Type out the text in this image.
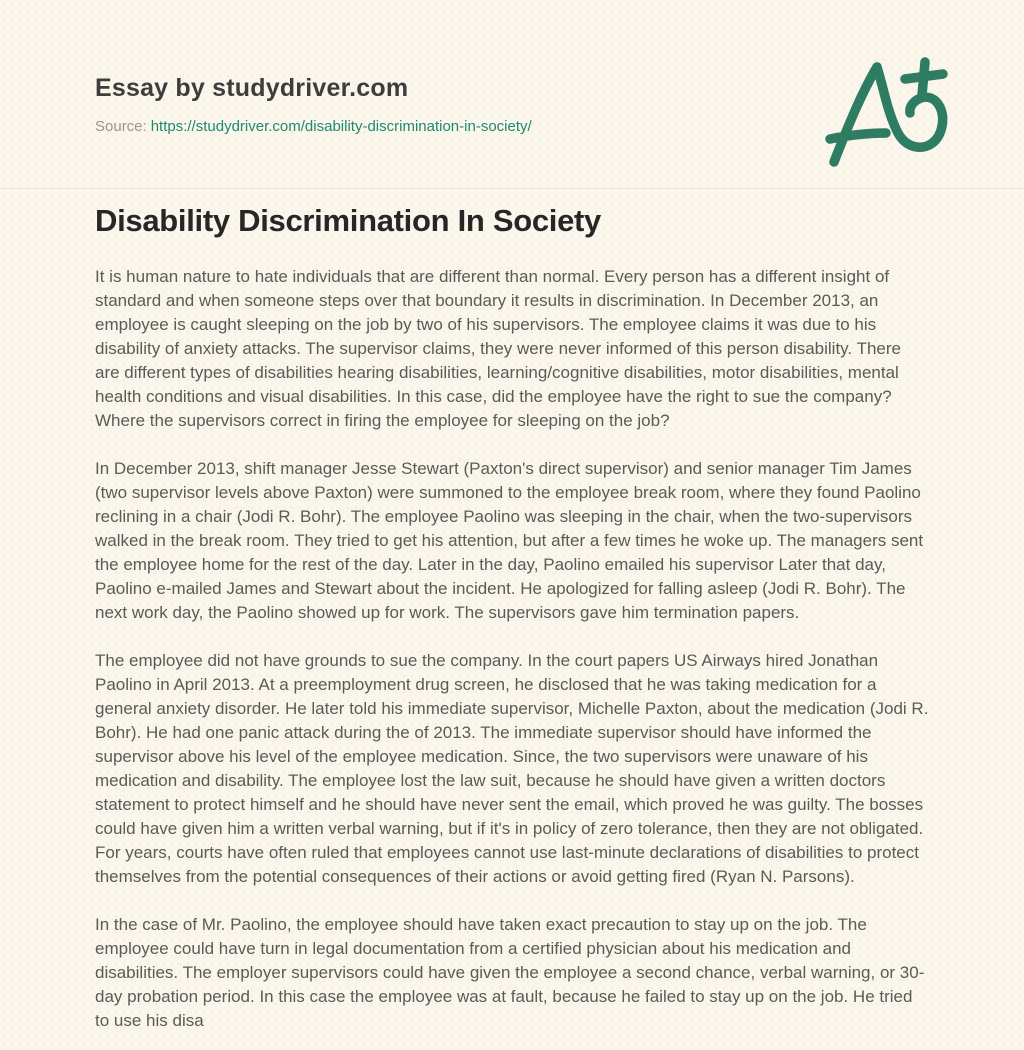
Essay by studydriver.com
Source: https://studydriver.com/disability-discrimination-in-society/
Disability Discrimination In Society

It is human nature to hate individuals that are different than normal. Every person has a different insight of standard and when someone steps over that boundary it results in discrimination. In December 2013, an employee is caught sleeping on the job by two of his supervisors. The employee claims it was due to his disability of anxiety attacks. The supervisor claims, they were never informed of this person disability. There are different types of disabilities hearing disabilities, learning/cognitive disabilities, motor disabilities, mental health conditions and visual disabilities. In this case, did the employee have the right to sue the company? Where the supervisors correct in firing the employee for sleeping on the job?

In December 2013, shift manager Jesse Stewart (Paxton's direct supervisor) and senior manager Tim James (two supervisor levels above Paxton) were summoned to the employee break room, where they found Paolino reclining in a chair (Jodi R. Bohr). The employee Paolino was sleeping in the chair, when the two-supervisors walked in the break room. They tried to get his attention, but after a few times he woke up. The managers sent the employee home for the rest of the day. Later in the day, Paolino emailed his supervisor Later that day, Paolino e-mailed James and Stewart about the incident. He apologized for falling asleep (Jodi R. Bohr). The next work day, the Paolino showed up for work. The supervisors gave him termination papers.

The employee did not have grounds to sue the company. In the court papers US Airways hired Jonathan Paolino in April 2013. At a preemployment drug screen, he disclosed that he was taking medication for a general anxiety disorder. He later told his immediate supervisor, Michelle Paxton, about the medication (Jodi R. Bohr). He had one panic attack during the of 2013. The immediate supervisor should have informed the supervisor above his level of the employee medication. Since, the two supervisors were unaware of his medication and disability. The employee lost the law suit, because he should have given a written doctors statement to protect himself and he should have never sent the email, which proved he was guilty. The bosses could have given him a written verbal warning, but if it's in policy of zero tolerance, then they are not obligated. For years, courts have often ruled that employees cannot use last-minute declarations of disabilities to protect themselves from the potential consequences of their actions or avoid getting fired (Ryan N. Parsons).

In the case of Mr. Paolino, the employee should have taken exact precaution to stay up on the job. The employee could have turn in legal documentation from a certified physician about his medication and disabilities. The employer supervisors could have given the employee a second chance, verbal warning, or 30-day probation period. In this case the employee was at fault, because he failed to stay up on the job. He tried to use his disa
